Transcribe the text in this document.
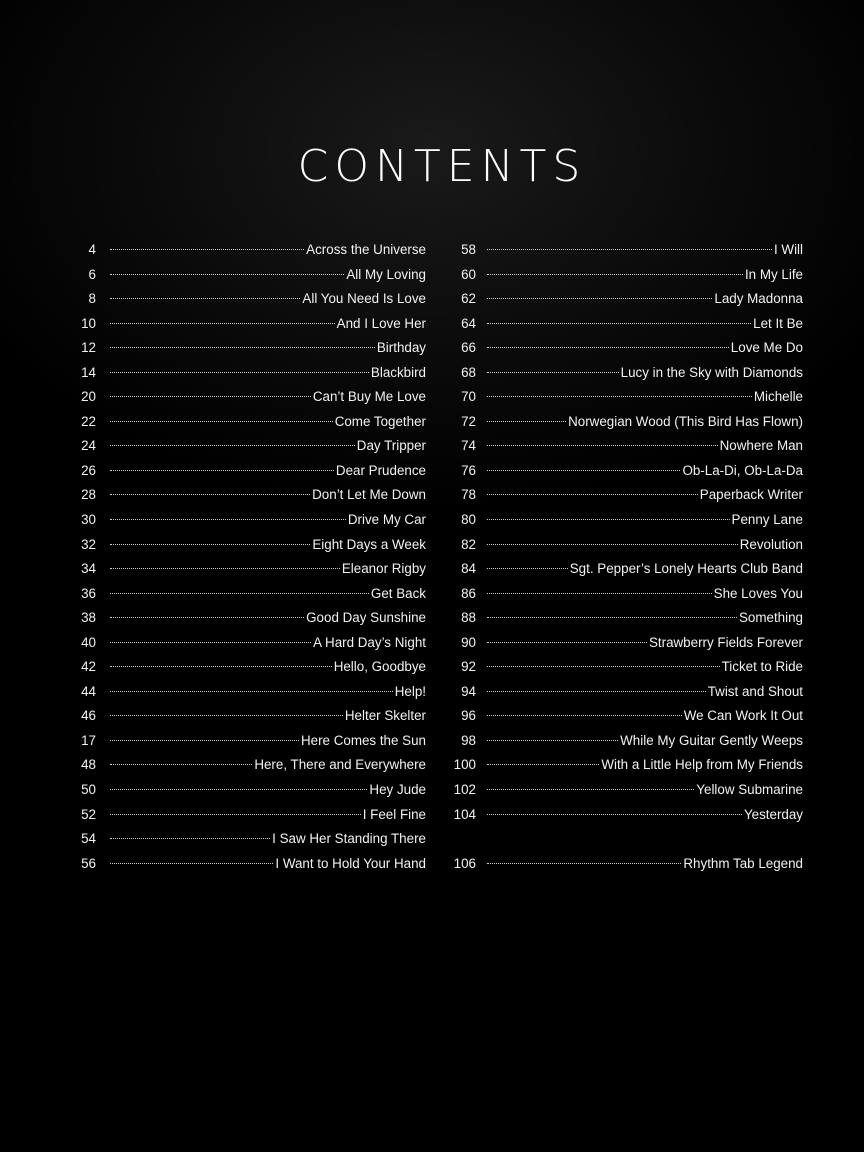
CONTENTS
4	Across the Universe
6	All My Loving
8	All You Need Is Love
10	And I Love Her
12	Birthday
14	Blackbird
20	Can’t Buy Me Love
22	Come Together
24	Day Tripper
26	Dear Prudence
28	Don’t Let Me Down
30	Drive My Car
32	Eight Days a Week
34	Eleanor Rigby
36	Get Back
38	Good Day Sunshine
40	A Hard Day’s Night
42	Hello, Goodbye
44	Help!
46	Helter Skelter
17	Here Comes the Sun
48	Here, There and Everywhere
50	Hey Jude
52	I Feel Fine
54	I Saw Her Standing There
56	I Want to Hold Your Hand
58	I Will
60	In My Life
62	Lady Madonna
64	Let It Be
66	Love Me Do
68	Lucy in the Sky with Diamonds
70	Michelle
72	Norwegian Wood (This Bird Has Flown)
74	Nowhere Man
76	Ob-La-Di, Ob-La-Da
78	Paperback Writer
80	Penny Lane
82	Revolution
84	Sgt. Pepper’s Lonely Hearts Club Band
86	She Loves You
88	Something
90	Strawberry Fields Forever
92	Ticket to Ride
94	Twist and Shout
96	We Can Work It Out
98	While My Guitar Gently Weeps
100	With a Little Help from My Friends
102	Yellow Submarine
104	Yesterday
106	Rhythm Tab Legend
